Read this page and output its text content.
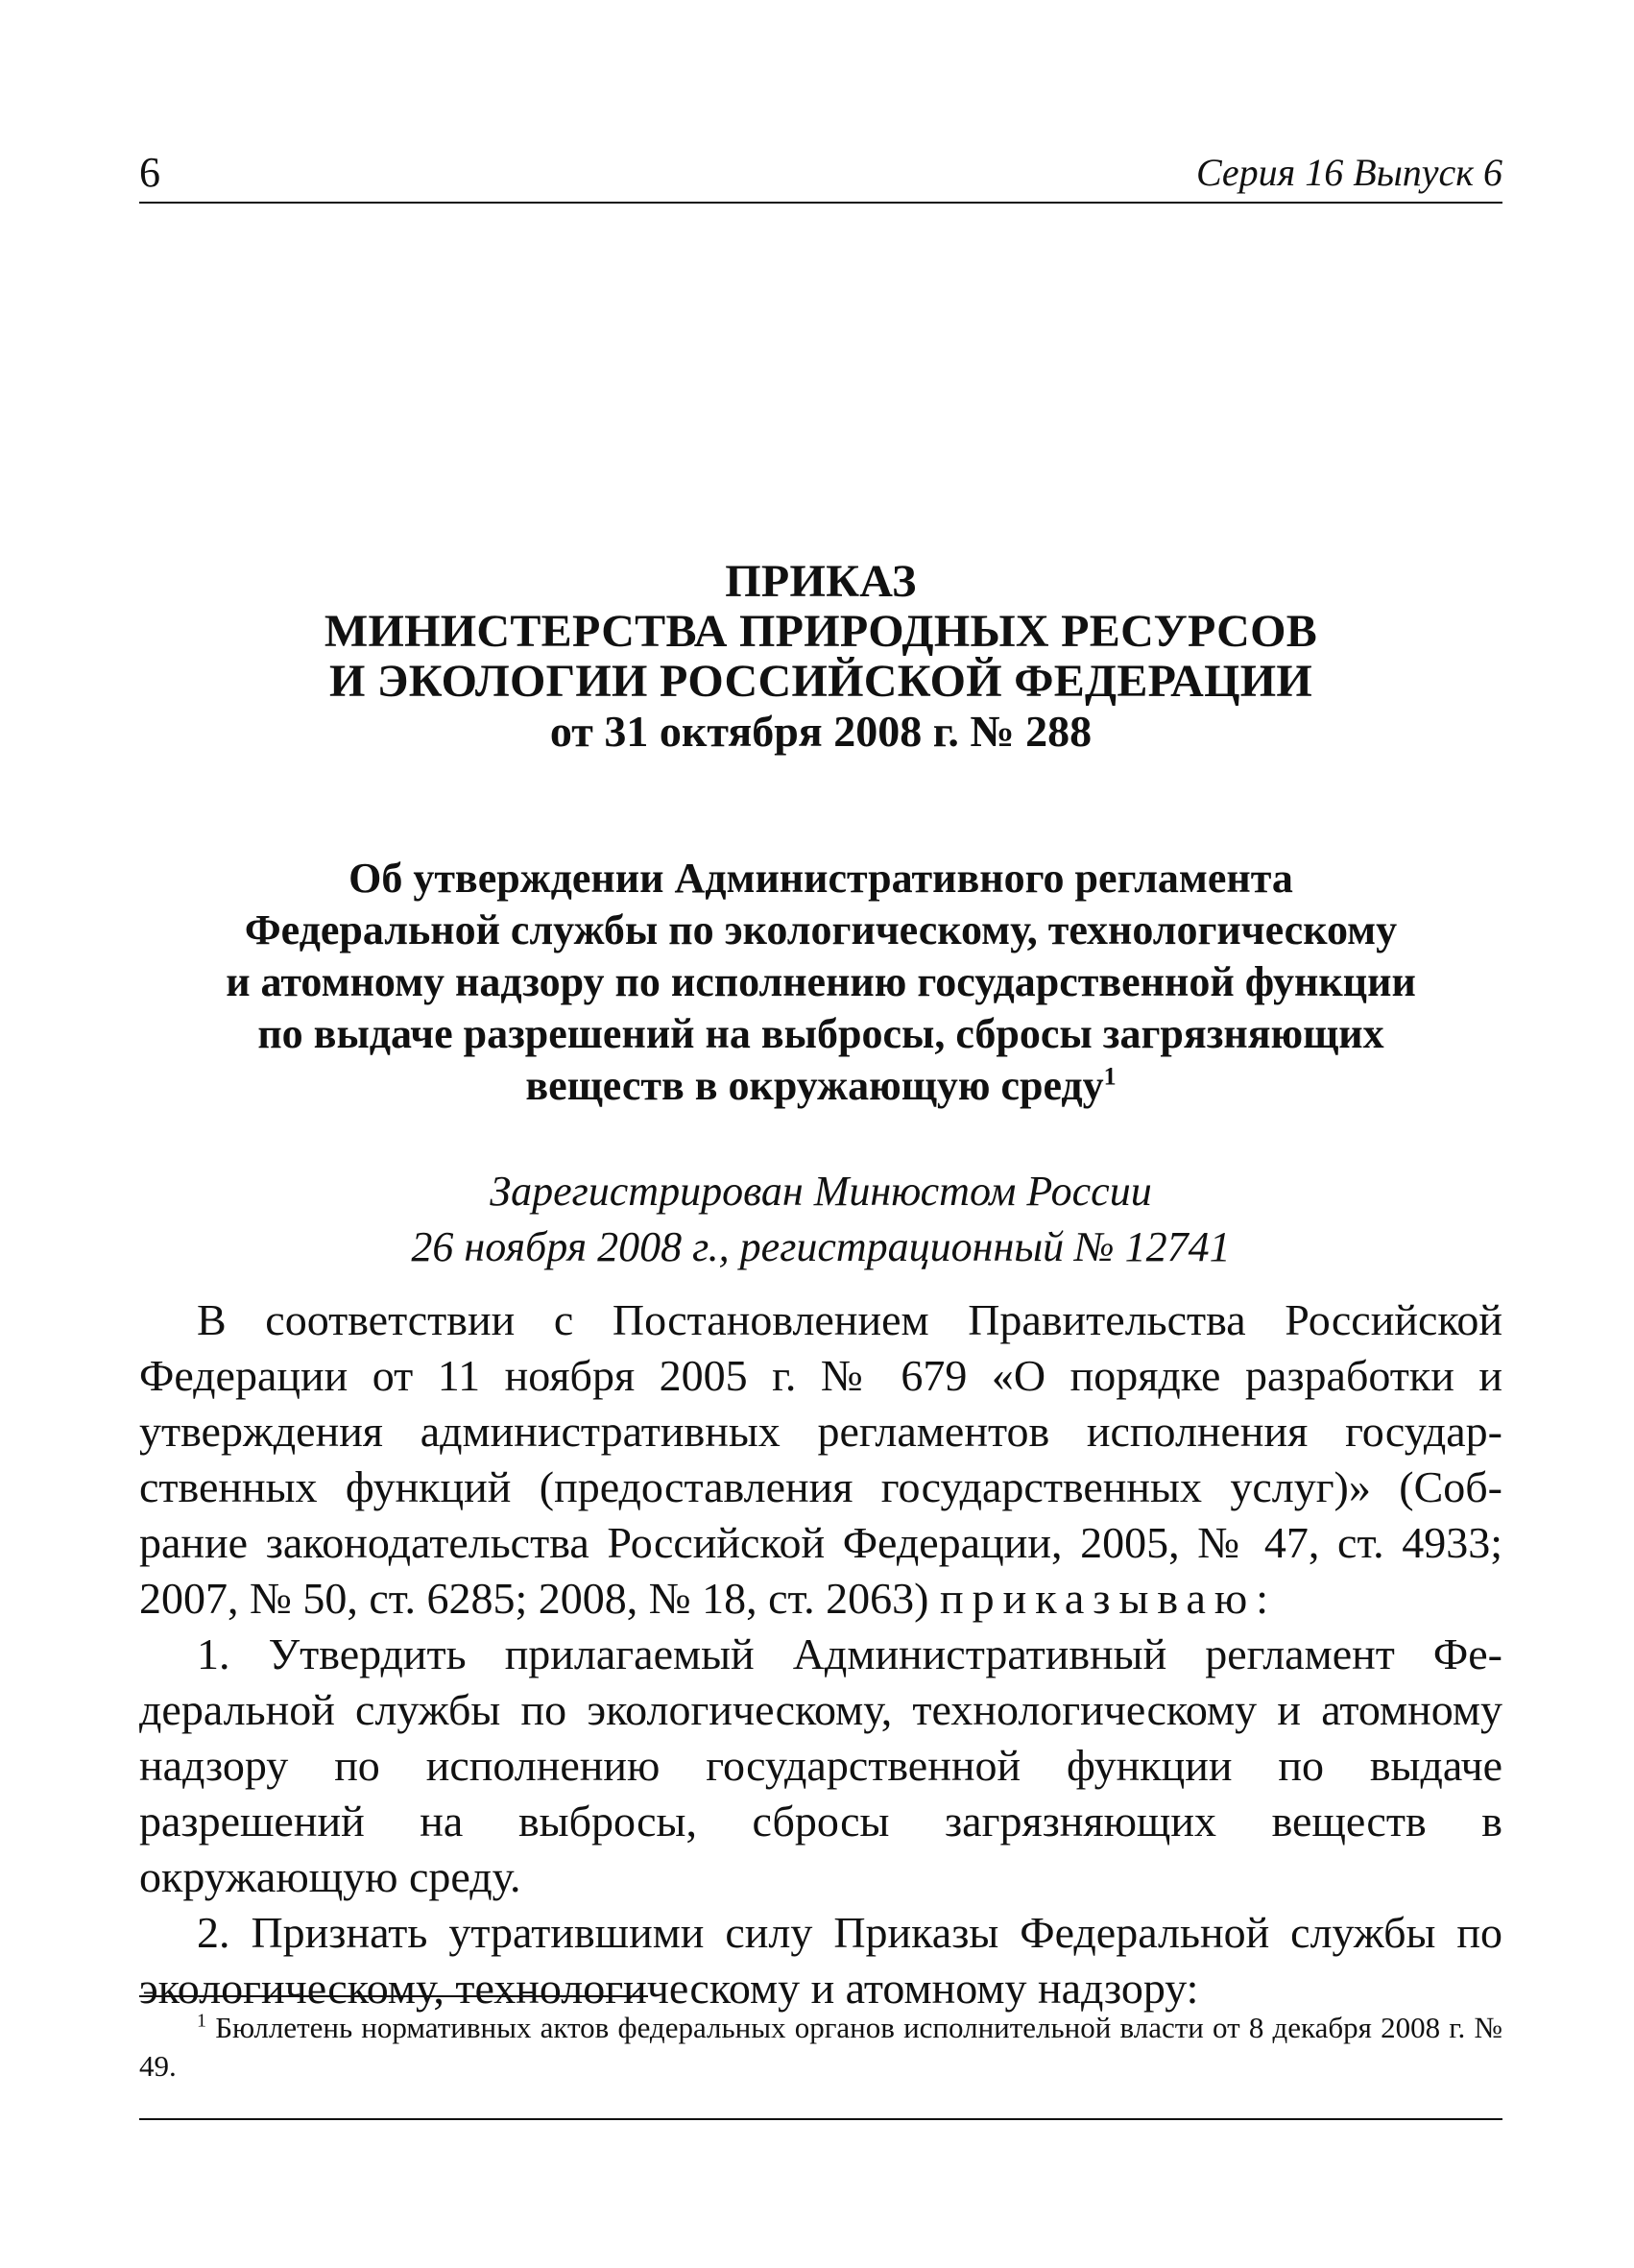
6	Серия 16 Выпуск 6

ПРИКАЗ

МИНИСТЕРСТВА ПРИРОДНЫХ РЕСУРСОВ

И ЭКОЛОГИИ РОССИЙСКОЙ ФЕДЕРАЦИИ

от 31 октября 2008 г. № 288

Об утверждении Административного регламента

Федеральной службы по экологическому, технологическому

и атомному надзору по исполнению государственной функции

по выдаче разрешений на выбросы, сбросы загрязняющих

веществ в окружающую среду$^1$

Зарегистрирован Минюстом России

26 ноября 2008 г., регистрационный № 12741

В соответствии с Постановлением Правительства Российской Федерации от 11 ноября 2005 г. № 679 «О порядке разработки и утверждения административных регламентов исполнения государственных функций (предоставления государственных услуг)» (Собрание законодательства Российской Федерации, 2005, № 47, ст. 4933; 2007, № 50, ст. 6285; 2008, № 18, ст. 2063) приказываю:

1. Утвердить прилагаемый Административный регламент Федеральной службы по экологическому, технологическому и атомному надзору по исполнению государственной функции по выдаче разрешений на выбросы, сбросы загрязняющих веществ в окружающую среду.

2. Признать утратившими силу Приказы Федеральной службы по экологическому, технологическому и атомному надзору:

$^1$ Бюллетень нормативных актов федеральных органов исполнительной власти от 8 декабря 2008 г. № 49.
